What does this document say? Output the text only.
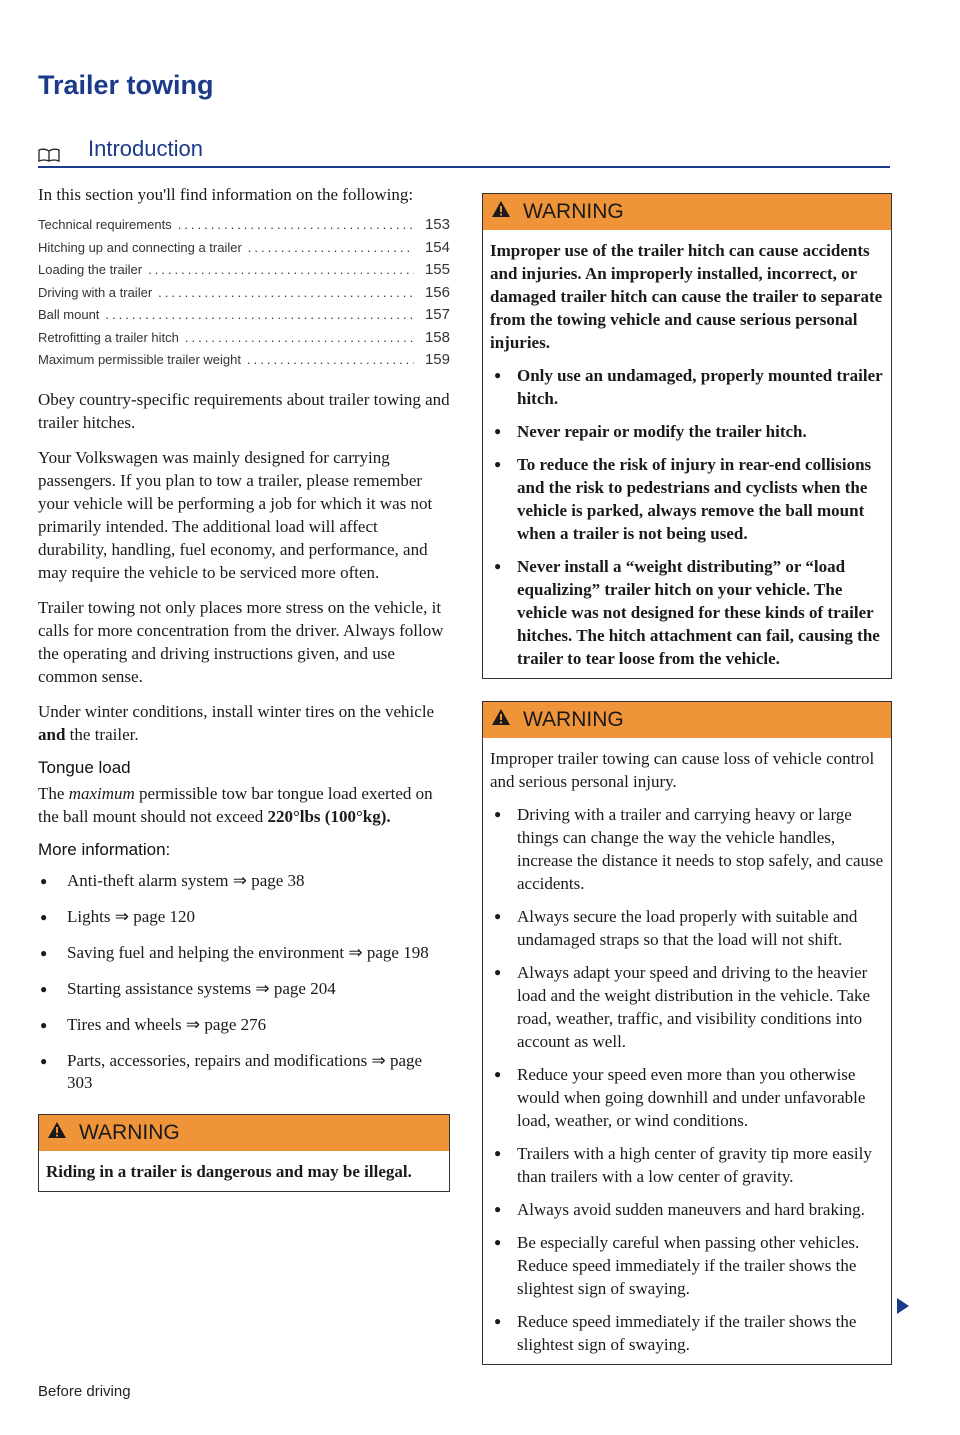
Trailer towing
Introduction

In this section you'll find information on the following:

Technical requirements .....	153
Hitching up and connecting a trailer .....	154
Loading the trailer .....	155
Driving with a trailer .....	156
Ball mount .....	157
Retrofitting a trailer hitch .....	158
Maximum permissible trailer weight .....	159

Obey country-specific requirements about trailer towing and trailer hitches.

Your Volkswagen was mainly designed for carrying passengers. If you plan to tow a trailer, please remember your vehicle will be performing a job for which it was not primarily intended. The additional load will affect durability, handling, fuel economy, and performance, and may require the vehicle to be serviced more often.

Trailer towing not only places more stress on the vehicle, it calls for more concentration from the driver. Always follow the operating and driving instructions given, and use common sense.

Under winter conditions, install winter tires on the vehicle and the trailer.

Tongue load

The maximum permissible tow bar tongue load exerted on the ball mount should not exceed 220°lbs (100°kg).

More information:
● Anti-theft alarm system ⇒ page 38
● Lights ⇒ page 120
● Saving fuel and helping the environment ⇒ page 198
● Starting assistance systems ⇒ page 204
● Tires and wheels ⇒ page 276
● Parts, accessories, repairs and modifications ⇒ page 303
WARNING

Riding in a trailer is dangerous and may be illegal.

WARNING

Improper use of the trailer hitch can cause accidents and injuries. An improperly installed, incorrect, or damaged trailer hitch can cause the trailer to separate from the towing vehicle and cause serious personal injuries.

● Only use an undamaged, properly mounted trailer hitch.
● Never repair or modify the trailer hitch.
● To reduce the risk of injury in rear-end collisions and the risk to pedestrians and cyclists when the vehicle is parked, always remove the ball mount when a trailer is not being used.
● Never install a “weight distributing” or “load equalizing” trailer hitch on your vehicle. The vehicle was not designed for these kinds of trailer hitches. The hitch attachment can fail, causing the trailer to tear loose from the vehicle.
WARNING

Improper trailer towing can cause loss of vehicle control and serious personal injury.

● Driving with a trailer and carrying heavy or large things can change the way the vehicle handles, increase the distance it needs to stop safely, and cause accidents.
● Always secure the load properly with suitable and undamaged straps so that the load will not shift.
● Always adapt your speed and driving to the heavier load and the weight distribution in the vehicle. Take road, weather, traffic, and visibility conditions into account as well.
● Reduce your speed even more than you otherwise would when going downhill and under unfavorable load, weather, or wind conditions.
● Trailers with a high center of gravity tip more easily than trailers with a low center of gravity.
● Always avoid sudden maneuvers and hard braking.
● Be especially careful when passing other vehicles. Reduce speed immediately if the trailer shows the slightest sign of swaying.
● Reduce speed immediately if the trailer shows the slightest sign of swaying.
Before driving
